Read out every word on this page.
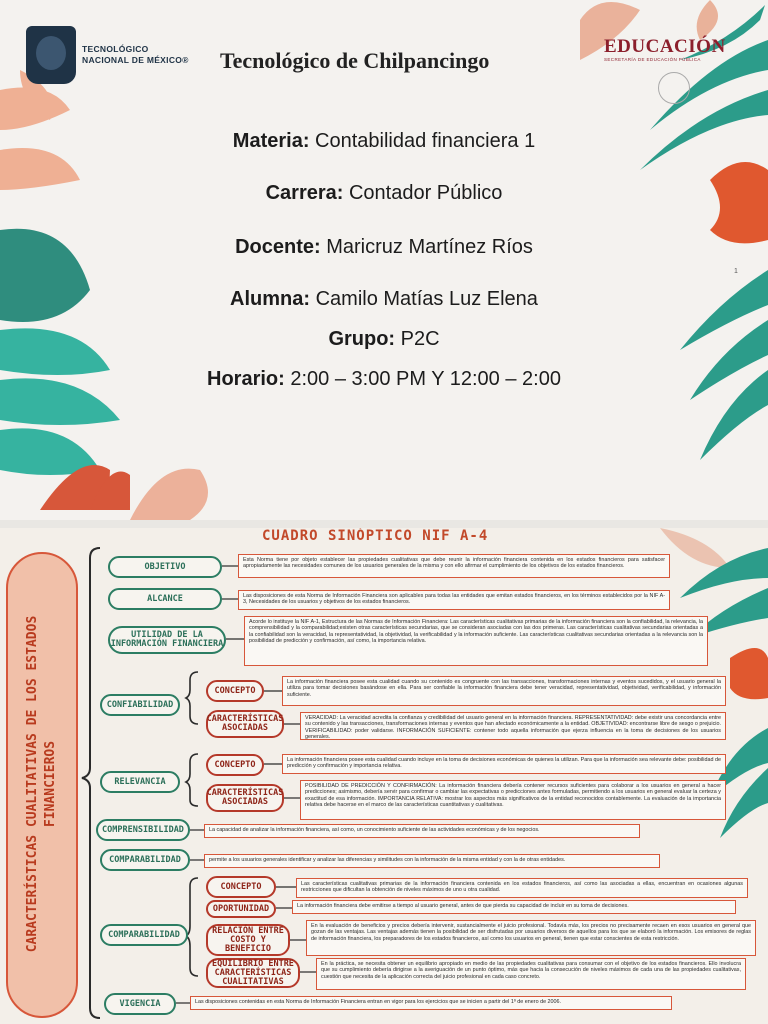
TECNOLÓGICO
NACIONAL DE MÉXICO® Tecnológico de Chilpancingo
EDUCACIÓN
SECRETARÍA DE EDUCACIÓN PÚBLICA
Materia: Contabilidad financiera 1
Carrera: Contador Público
Docente: Maricruz Martínez Ríos
Alumna: Camilo Matías Luz Elena
Grupo: P2C
Horario: 2:00 – 3:00 PM Y 12:00 – 2:00
1
CUADRO SINÓPTICO NIF A-4
CARACTERÍSTICAS CUALITATIVAS DE LOS ESTADOS FINANCIEROS
OBJETIVO
ALCANCE
UTILIDAD DE LA INFORMACIÓN FINANCIERA
CONFIABILIDAD
RELEVANCIA
COMPRENSIBILIDAD
COMPARABILIDAD
COMPARABILIDAD
VIGENCIA
CONCEPTO
CARACTERÍSTICAS ASOCIADAS
CONCEPTO
CARACTERÍSTICAS ASOCIADAS
CONCEPTO
OPORTUNIDAD
RELACIÓN ENTRE COSTO Y BENEFICIO
EQUILIBRIO ENTRE CARACTERÍSTICAS CUALITATIVAS
Esta Norma tiene por objeto establecer las propiedades cualitativas que debe reunir la información financiera contenida en los estados financieros para satisfacer apropiadamente las necesidades comunes de los usuarios generales de la misma y con ello afirmar el cumplimiento de los objetivos de los estados financieros.
Las disposiciones de esta Norma de Información Financiera son aplicables para todas las entidades que emitan estados financieros, en los términos establecidos por la NIF A-3, Necesidades de los usuarios y objetivos de los estados financieros.
Acorde lo instituye la NIF A-1, Estructura de las Normas de Información Financiera: Las características cualitativas primarias de la información financiera son la confiabilidad, la relevancia, la comprensibilidad y la comparabilidad;existen otras características secundarias, que se consideran asociadas con las dos primeras. Las características cualitativas secundarias orientadas a la confiabilidad son la veracidad, la representatividad, la objetividad, la verificabilidad y la información suficiente. Las características cualitativas secundarias orientadas a la relevancia son la posibilidad de predicción y confirmación, así como, la importancia relativa.
La información financiera posee esta cualidad cuando su contenido es congruente con las transacciones, transformaciones internas y eventos sucedidos, y el usuario general la utiliza para tomar decisiones basándose en ella. Para ser confiable la información financiera debe tener veracidad, representatividad, objetividad, verificabilidad, y información suficiente.
VERACIDAD: La veracidad acredita la confianza y credibilidad del usuario general en la información financiera. REPRESENTATIVIDAD: debe existir una concordancia entre su contenido y las transacciones, transformaciones internas y eventos que han afectado económicamente a la entidad. OBJETIVIDAD: encontrarse libre de sesgo o prejuicio. VERIFICABILIDAD: poder validarse. INFORMACIÓN SUFICIENTE: contener todo aquella información que ejerza influencia en la toma de decisiones de los usuarios generales.
La información financiera posee esta cualidad cuando incluye en la toma de decisiones económicas de quienes la utilizan. Para que la información sea relevante debe: posibilidad de predicción y confirmación y importancia relativa.
POSIBILIDAD DE PREDICCIÓN Y CONFIRMACIÓN: La información financiera debería contener recursos suficientes para colaborar a los usuarios en general a hacer predicciones; asimismo, debería servir para confirmar o cambiar las expectativas o predicciones antes formuladas, permitiendo a los usuarios en general evaluar la certeza y exactitud de esa información. IMPORTANCIA RELATIVA: mostrar los aspectos más significativos de la entidad reconocidos contablemente. La evaluación de la importancia relativa debe hacerse en el marco de las características cuantitativas y cualitativas.
La capacidad de analizar la información financiera, así como, un conocimiento suficiente de las actividades económicas y de los negocios.
permite a los usuarios generales identificar y analizar las diferencias y similitudes con la información de la misma entidad y con la de otras entidades.
Las características cualitativas primarias de la información financiera contenida en los estados financieros, así como las asociadas a ellas, encuentran en ocasiones algunas restricciones que dificultan la obtención de niveles máximos de uno u otra cualidad.
La información financiera debe emitirse a tiempo al usuario general, antes de que pierda su capacidad de incluir en su toma de decisiones.
En la evaluación de beneficios y precios debería intervenir, sustancialmente el juicio profesional. Todavía más, los precios no precisamente recaen en esos usuarios en general que gozan de las ventajas. Las ventajas además tienen la posibilidad de ser disfrutadas por usuarios diversos de aquellos para los que se elaboró la información. Los emisores de reglas de información financiera, los preparadores de los estados financieros, así como los usuarios en general, tienen que estar conscientes de esta restricción.
En la práctica, se necesita obtener un equilibrio apropiado en medio de las propiedades cualitativas para consumar con el objetivo de los estados financieros. Ello involucra que su cumplimiento debería dirigirse a la averiguación de un punto óptimo, más que hacia la consecución de niveles máximos de cada una de las propiedades cualitativas, cuestión que necesita de la aplicación correcta del juicio profesional en cada caso concreto.
Las disposiciones contenidas en esta Norma de Información Financiera entran en vigor para los ejercicios que se inicien a partir del 1º de enero de 2006.
